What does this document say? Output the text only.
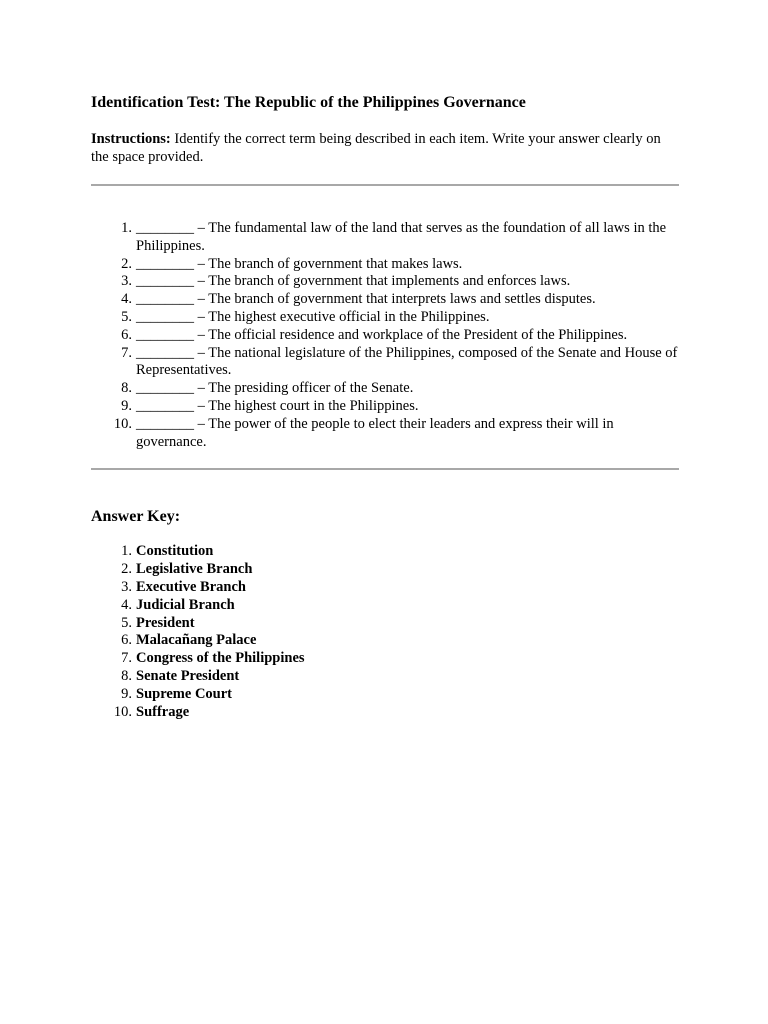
Identification Test: The Republic of the Philippines Governance

Instructions: Identify the correct term being described in each item. Write your answer clearly on the space provided.

1. ________ – The fundamental law of the land that serves as the foundation of all laws in the Philippines.
2. ________ – The branch of government that makes laws.
3. ________ – The branch of government that implements and enforces laws.
4. ________ – The branch of government that interprets laws and settles disputes.
5. ________ – The highest executive official in the Philippines.
6. ________ – The official residence and workplace of the President of the Philippines.
7. ________ – The national legislature of the Philippines, composed of the Senate and House of Representatives.
8. ________ – The presiding officer of the Senate.
9. ________ – The highest court in the Philippines.
10. ________ – The power of the people to elect their leaders and express their will in governance.
Answer Key:
1. Constitution
2. Legislative Branch
3. Executive Branch
4. Judicial Branch
5. President
6. Malacañang Palace
7. Congress of the Philippines
8. Senate President
9. Supreme Court
10. Suffrage
